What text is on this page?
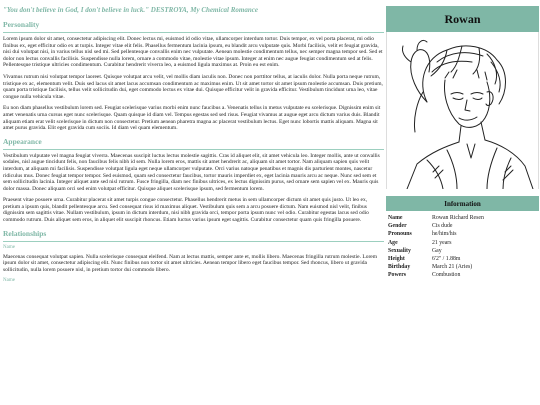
"You don't believe in God, I don't believe in luck." DESTROYA, My Chemical Romance
Personality

Lorem ipsum dolor sit amet, consectetur adipiscing elit. Donec lectus mi, euismod id odio vitae, ullamcorper interdum tortor. Duis tempor, ex vel porta placerat, mi odio finibus ex, eget efficitur odio ex at turpis. Integer vitae elit felis. Phasellus fermentum lacinia ipsum, eu blandit arcu vulputate quis. Morbi facilisis, velit et feugiat gravida, nisi dui volutpat nisi, in varius tellus nisl sed mi. Sed pellentesque convallis enim nec vulputate. Aenean molestie condimentum tellus, nec semper magna tempor sed. Sed et dolor non lectus convallis facilisis. Suspendisse nulla lorem, ornare a commodo vitae, molestie vitae ipsum. Integer at enim nec augue feugiat condimentum sed at felis. Pellentesque tristique ultricies condimentum. Curabitur hendrerit viverra leo, a euismod ligula maximus at. Proin eu est enim.

Vivamus rutrum nisi volutpat tempor laoreet. Quisque volutpat arcu velit, vel mollis diam iaculis non. Donec non porttitor tellus, at iaculis dolor. Nulla porta neque rutrum, tristique ex ac, elementum velit. Duis sed lacus sit amet lacus accumsan condimentum ac maximus enim. Ut sit amet tortor sit amet ipsum molestie accumsan. Duis pretium, quam porta tristique facilisis, tellus velit sollicitudin dui, eget commodo lectus ex vitae dui. Quisque efficitur velit in gravida efficitur. Vestibulum tincidunt urna leo, vitae congue nulla vehicula vitae.

Eu non diam phasellus vestibulum lorem sed. Feugiat scelerisque varius morbi enim nunc faucibus a. Venenatis tellus in metus vulputate eu scelerisque. Dignissim enim sit amet venenatis urna cursus eget nunc scelerisque. Quam quisque id diam vel. Tempus egestas sed sed risus. Feugiat vivamus at augue eget arcu dictum varius duis. Blandit aliquam etiam erat velit scelerisque in dictum non consectetur. Pretium aenean pharetra magna ac placerat vestibulum lectus. Eget nunc lobortis mattis aliquam. Magna sit amet purus gravida. Elit eget gravida cum sociis. Id diam vel quam elementum.

Appearance

Vestibulum vulputate vel magna feugiat viverra. Maecenas suscipit luctus lectus molestie sagittis. Cras id aliquet elit, sit amet vehicula leo. Integer mollis, ante ut convallis sodales, nisl augue tincidunt felis, non faucibus felis nibh id sem. Nulla lorem eros, mattis sit amet hendrerit ac, aliquam sit amet tortor. Nam aliquam sapien quis velit interdum, at aliquam mi facilisis. Suspendisse volutpat ligula eget neque ullamcorper vulputate. Orci varius natoque penatibus et magnis dis parturient montes, nascetur ridiculus mus. Donec feugiat tempor tempor. Sed euismod, quam sed consectetur faucibus, tortor mauris imperdiet ex, eget lacinia mauris arcu ac neque. Nunc sed sem et sem sollicitudin lacinia. Integer aliquet ante sed nisl rutrum. Fusce fringilla, diam nec finibus ultrices, ex lectus dignissim purus, sed ornare sem sapien vel ex. Mauris quis dolor massa. Donec aliquam orci sed enim volutpat efficitur. Quisque aliquet scelerisque ipsum, sed fermentum lorem.

Praesent vitae posuere urna. Curabitur placerat sit amet turpis congue consectetur. Phasellus hendrerit metus in sem ullamcorper dictum sit amet quis justo. Ut leo ex, pretium a ipsum quis, blandit pellentesque arcu. Sed consequat risus id maximus aliquet. Vestibulum quis sem a arcu posuere dictum. Nam euismod nisl velit, finibus dignissim sem sagittis vitae. Nullam vestibulum, ipsum in dictum interdum, nisi nibh gravida orci, tempor porta ipsum nunc vel odio. Curabitur egestas lacus sed odio commodo rutrum. Duis aliquet sem eros, in aliquet elit suscipit rhoncus. Etiam luctus varius ipsum eget sagittis. Curabitur consectetur quam quis fringilla posuere.

Relationships
Name

Maecenas consequat volutpat sapien. Nulla scelerisque consequat eleifend. Nam at lectus mattis, semper ante et, mollis libero. Maecenas fringilla rutrum molestie. Lorem ipsum dolor sit amet, consectetur adipiscing elit. Nunc finibus non tortor sit amet ultricies. Aenean tempor libero eget faucibus tempor. Sed rhoncus, libero ut gravida sollicitudin, nulla lorem posuere nisl, in pretium tortor dui commodo libero.

Name
Rowan
Information
Name	Rowan Richard Resen
Gender	Cis dude
Pronouns	he/him/his
Age	21 years
Sexuality	Gay
Height	6'2" / 1.88m
Birthday	March 21 (Aries)
Powers	Combustion
